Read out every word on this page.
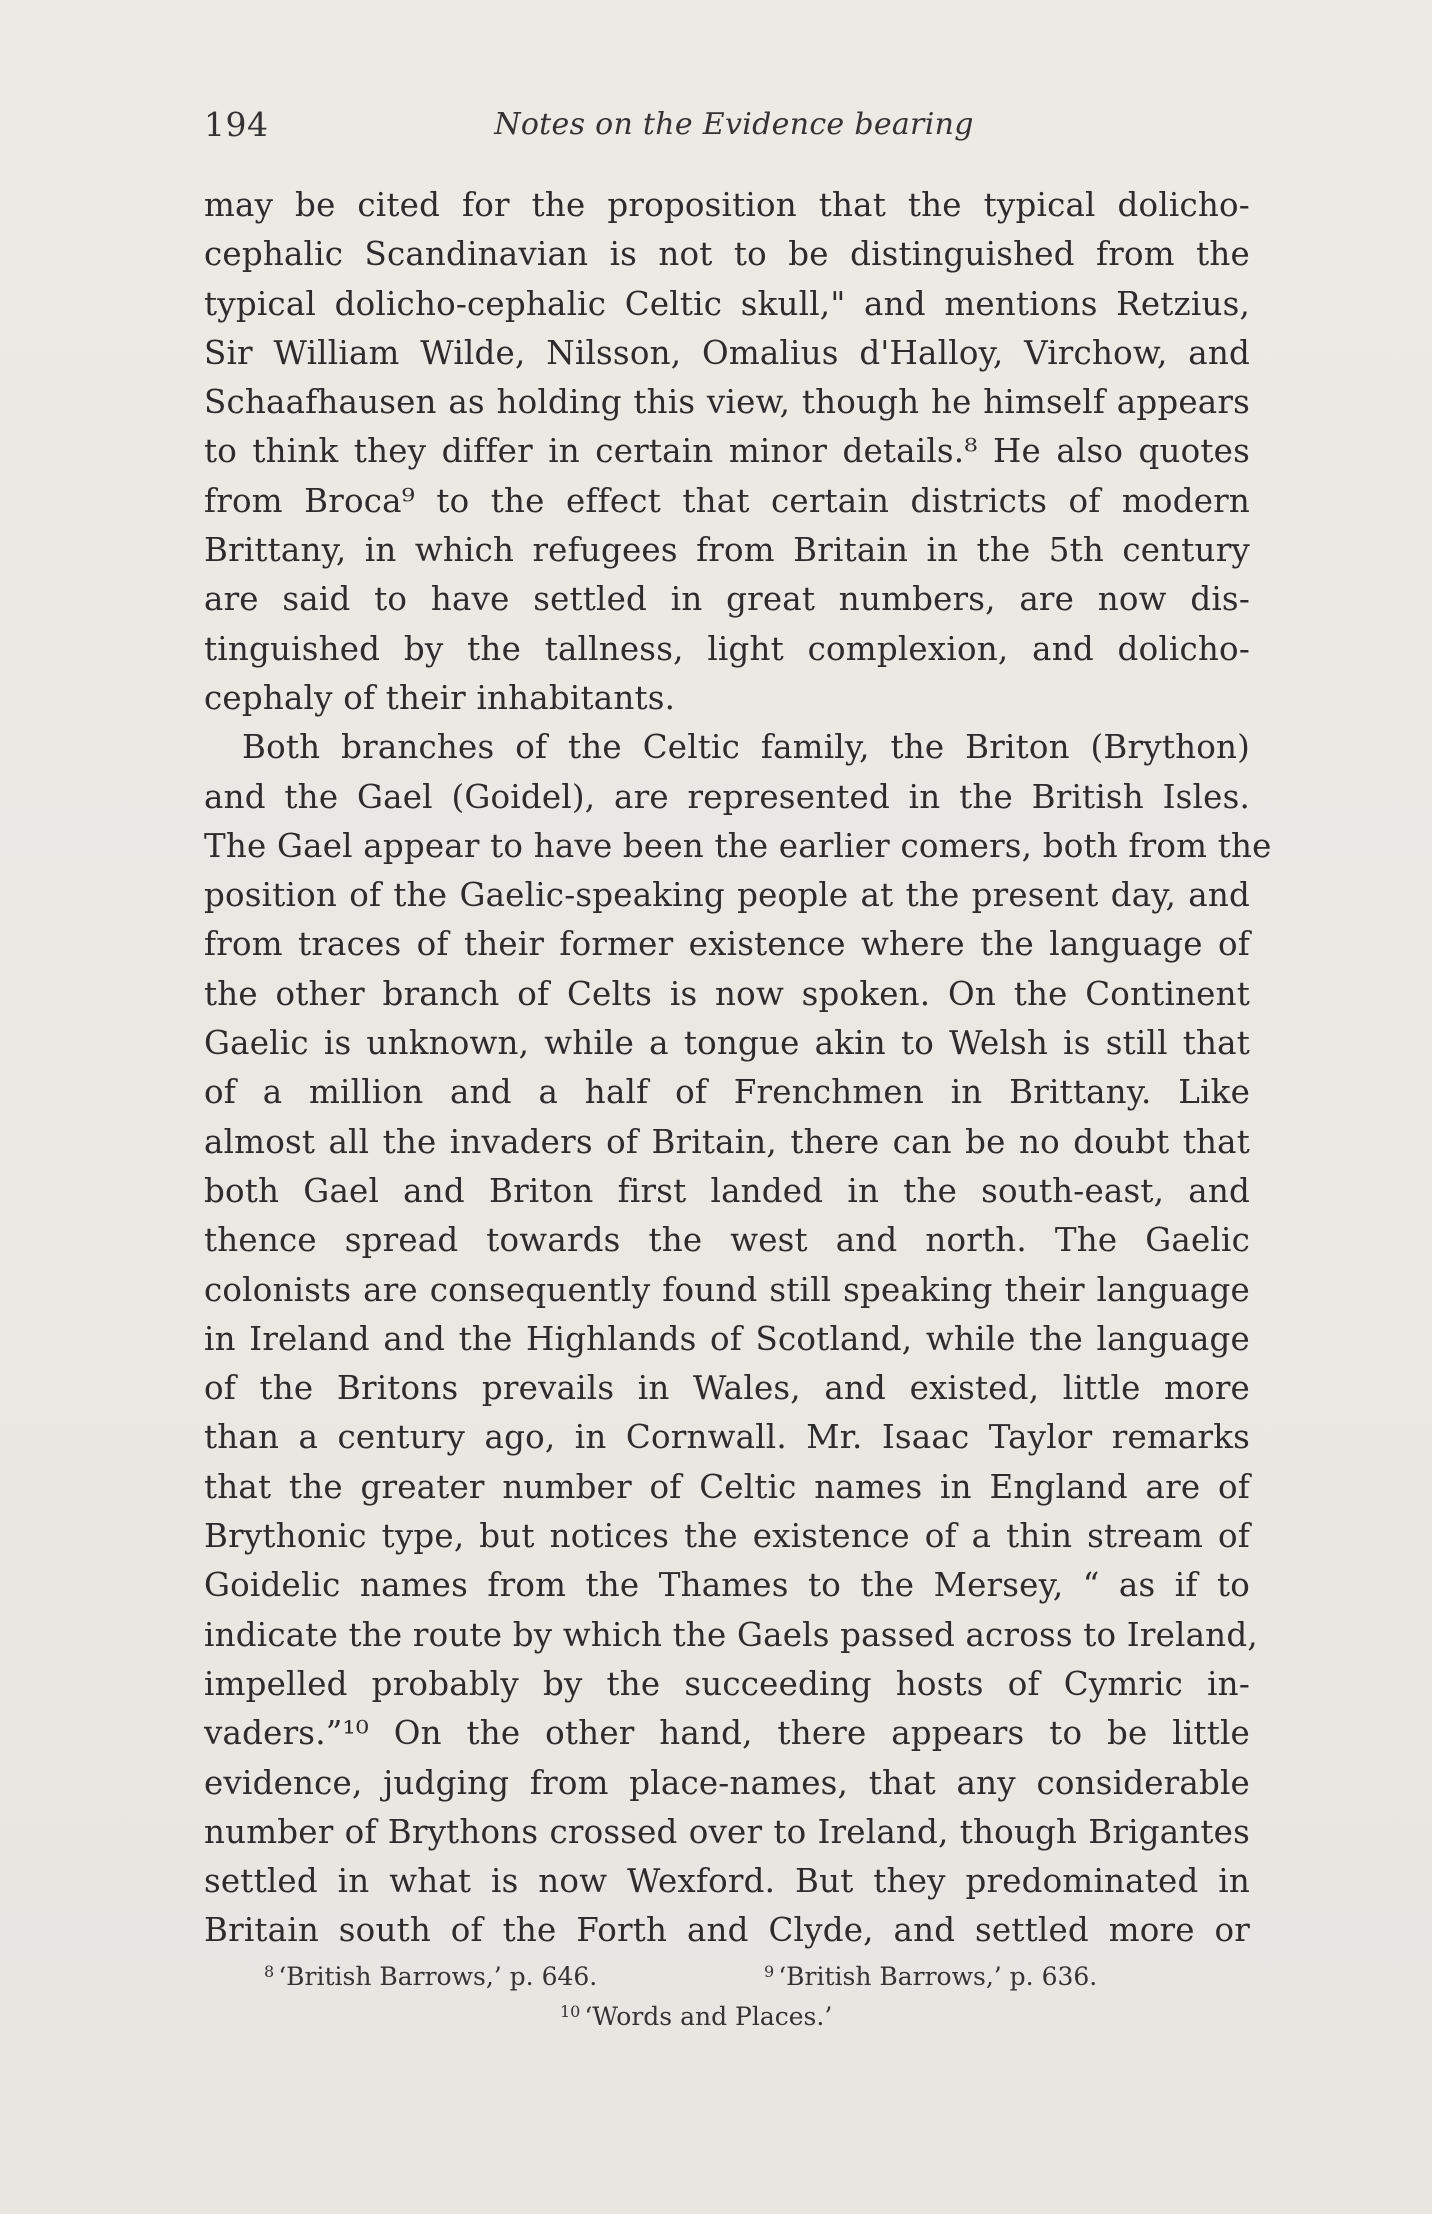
194	Notes on the Evidence bearing
may be cited for the proposition that the typical dolicho-
cephalic Scandinavian is not to be distinguished from the
typical dolicho-cephalic Celtic skull," and mentions Retzius,
Sir William Wilde, Nilsson, Omalius d'Halloy, Virchow, and
Schaafhausen as holding this view, though he himself appears
to think they differ in certain minor details.⁸ He also quotes
from Broca⁹ to the effect that certain districts of modern
Brittany, in which refugees from Britain in the 5th century
are said to have settled in great numbers, are now dis-
tinguished by the tallness, light complexion, and dolicho-
cephaly of their inhabitants.
Both branches of the Celtic family, the Briton (Brython)
and the Gael (Goidel), are represented in the British Isles.
The Gael appear to have been the earlier comers, both from the
position of the Gaelic-speaking people at the present day, and
from traces of their former existence where the language of
the other branch of Celts is now spoken. On the Continent
Gaelic is unknown, while a tongue akin to Welsh is still that
of a million and a half of Frenchmen in Brittany. Like
almost all the invaders of Britain, there can be no doubt that
both Gael and Briton first landed in the south-east, and
thence spread towards the west and north. The Gaelic
colonists are consequently found still speaking their language
in Ireland and the Highlands of Scotland, while the language
of the Britons prevails in Wales, and existed, little more
than a century ago, in Cornwall. Mr. Isaac Taylor remarks
that the greater number of Celtic names in England are of
Brythonic type, but notices the existence of a thin stream of
Goidelic names from the Thames to the Mersey, “ as if to
indicate the route by which the Gaels passed across to Ireland,
impelled probably by the succeeding hosts of Cymric in-
vaders.”¹⁰ On the other hand, there appears to be little
evidence, judging from place-names, that any considerable
number of Brythons crossed over to Ireland, though Brigantes
settled in what is now Wexford. But they predominated in
Britain south of the Forth and Clyde, and settled more or
$^8$ ‘British Barrows,’ p. 646.	$^9$ ‘British Barrows,’ p. 636.
$^{10}$ ‘Words and Places.’
